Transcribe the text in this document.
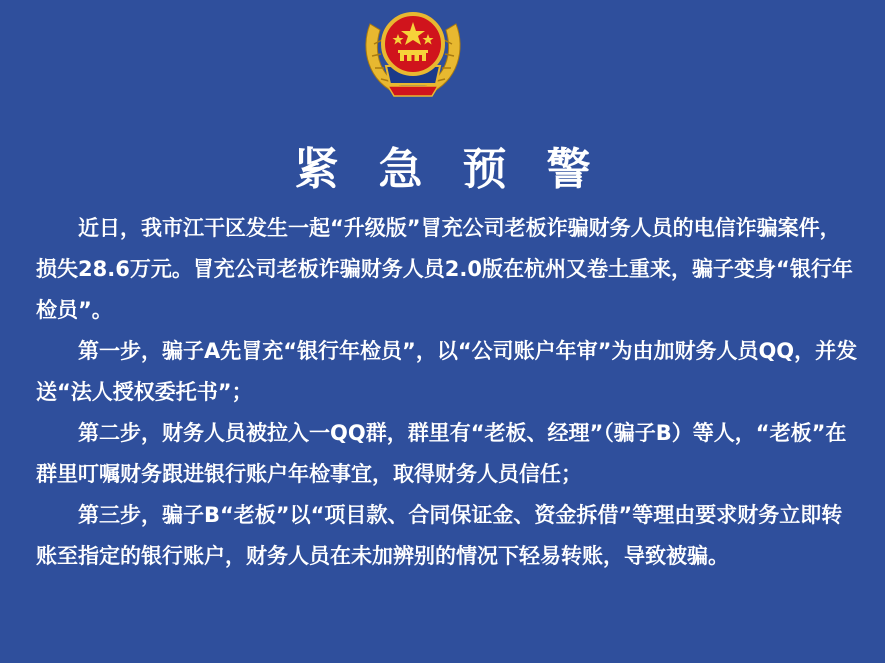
紧急预警

近日，我市江干区发生一起“升级版”冒充公司老板诈骗财务人员的电信诈骗案件，损失28.6万元。冒充公司老板诈骗财务人员2.0版在杭州又卷土重来，骗子变身“银行年检员”。

第一步，骗子A先冒充“银行年检员”，以“公司账户年审”为由加财务人员QQ，并发送“法人授权委托书”；

第二步，财务人员被拉入一QQ群，群里有“老板、经理”（骗子B）等人，“老板”在群里叮嘱财务跟进银行账户年检事宜，取得财务人员信任；

第三步，骗子B“老板”以“项目款、合同保证金、资金拆借”等理由要求财务立即转账至指定的银行账户，财务人员在未加辨别的情况下轻易转账，导致被骗。
